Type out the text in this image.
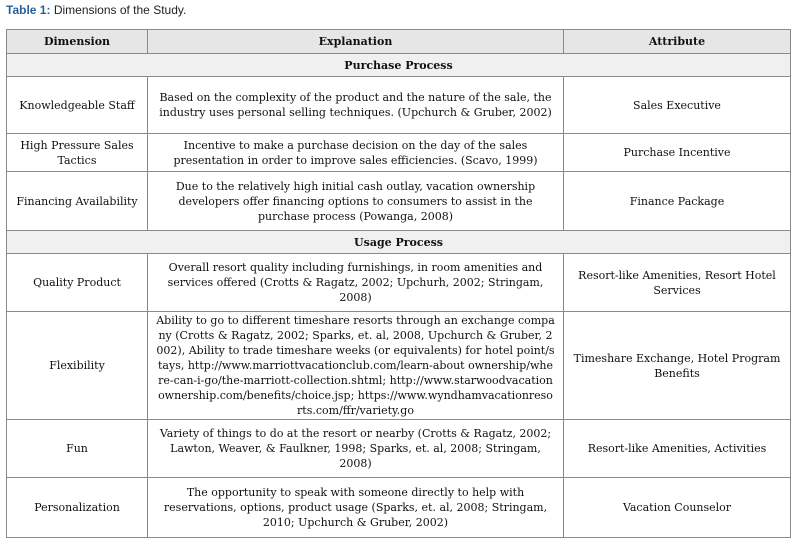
Table 1: Dimensions of the Study.
Dimension	Explanation	Attribute
Purchase Process		
Knowledgeable Staff	Based on the complexity of the product and the nature of the sale, the industry uses personal selling techniques. (Upchurch & Gruber, 2002)	Sales Executive
High Pressure Sales Tactics	Incentive to make a purchase decision on the day of the sales presentation in order to improve sales efficiencies. (Scavo, 1999)	Purchase Incentive
Financing Availability	Due to the relatively high initial cash outlay, vacation ownership developers offer financing options to consumers to assist in the purchase process (Powanga, 2008)	Finance Package
Usage Process		
Quality Product	Overall resort quality including furnishings, in room amenities and services offered (Crotts & Ragatz, 2002; Upchurh, 2002; Stringam, 2008)	Resort-like Amenities, Resort Hotel Services
Flexibility	Ability to go to different timeshare resorts through an exchange company (Crotts & Ragatz, 2002; Sparks, et. al, 2008, Upchurch & Gruber, 2002), Ability to trade timeshare weeks (or equivalents) for hotel point/stays, http://www.marriottvacationclub.com/learn-about ownership/where-can-i-go/the-marriott-collection.shtml; http://www.starwoodvacationownership.com/benefits/choice.jsp; https://www.wyndhamvacationresorts.com/ffr/variety.go	Timeshare Exchange, Hotel Program Benefits
Fun	Variety of things to do at the resort or nearby (Crotts & Ragatz, 2002; Lawton, Weaver, & Faulkner, 1998; Sparks, et. al, 2008; Stringam, 2008)	Resort-like Amenities, Activities
Personalization	The opportunity to speak with someone directly to help with reservations, options, product usage (Sparks, et. al, 2008; Stringam, 2010; Upchurch & Gruber, 2002)	Vacation Counselor
